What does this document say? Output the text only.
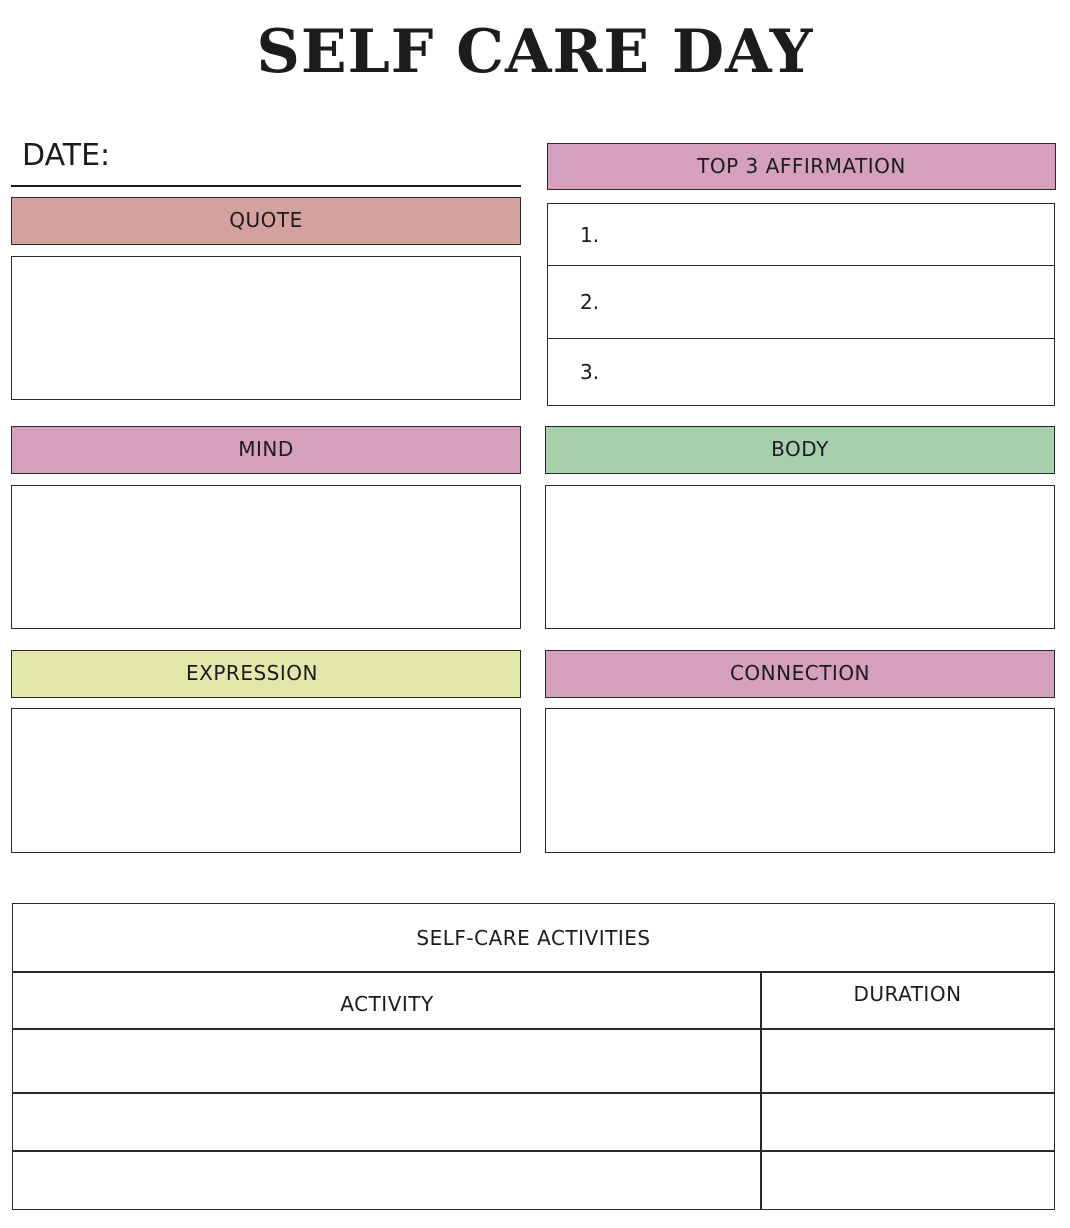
SELF CARE DAY
DATE:
QUOTE
TOP 3 AFFIRMATION
1.
2.
3.
MIND	BODY
EXPRESSION	CONNECTION
SELF-CARE ACTIVITIES
ACTIVITY	DURATION
